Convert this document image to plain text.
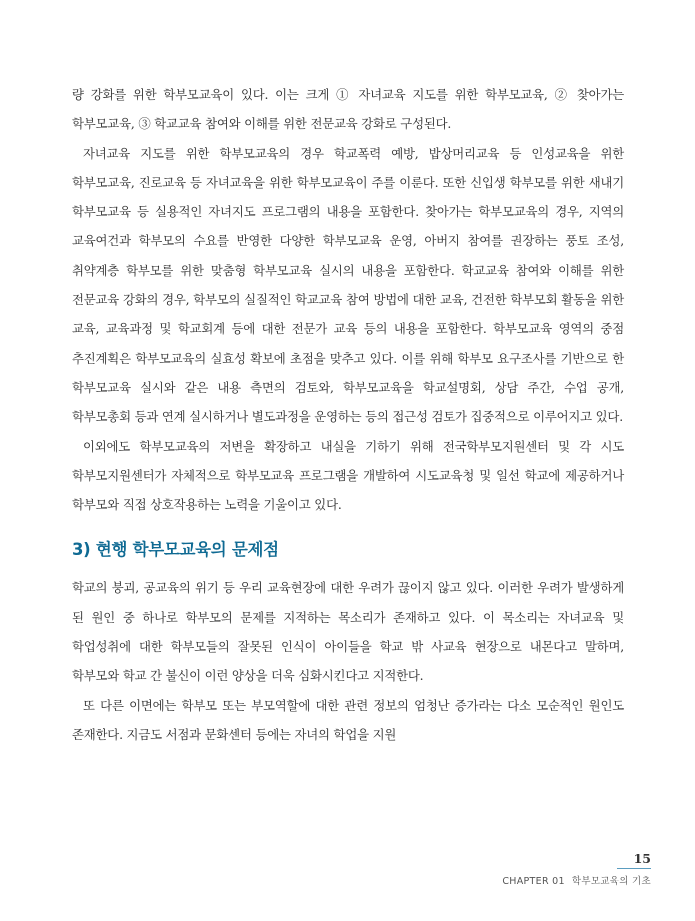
량 강화를 위한 학부모교육이 있다. 이는 크게 ① 자녀교육 지도를 위한 학부모교육, ② 찾아가는 학부모교육, ③ 학교교육 참여와 이해를 위한 전문교육 강화로 구성된다.

자녀교육 지도를 위한 학부모교육의 경우 학교폭력 예방, 밥상머리교육 등 인성교육을 위한 학부모교육, 진로교육 등 자녀교육을 위한 학부모교육이 주를 이룬다. 또한 신입생 학부모를 위한 새내기 학부모교육 등 실용적인 자녀지도 프로그램의 내용을 포함한다. 찾아가는 학부모교육의 경우, 지역의 교육여건과 학부모의 수요를 반영한 다양한 학부모교육 운영, 아버지 참여를 권장하는 풍토 조성, 취약계층 학부모를 위한 맞춤형 학부모교육 실시의 내용을 포함한다. 학교교육 참여와 이해를 위한 전문교육 강화의 경우, 학부모의 실질적인 학교교육 참여 방법에 대한 교육, 건전한 학부모회 활동을 위한 교육, 교육과정 및 학교회계 등에 대한 전문가 교육 등의 내용을 포함한다. 학부모교육 영역의 중점 추진계획은 학부모교육의 실효성 확보에 초점을 맞추고 있다. 이를 위해 학부모 요구조사를 기반으로 한 학부모교육 실시와 같은 내용 측면의 검토와, 학부모교육을 학교설명회, 상담 주간, 수업 공개, 학부모총회 등과 연계 실시하거나 별도과정을 운영하는 등의 접근성 검토가 집중적으로 이루어지고 있다.

이외에도 학부모교육의 저변을 확장하고 내실을 기하기 위해 전국학부모지원센터 및 각 시도 학부모지원센터가 자체적으로 학부모교육 프로그램을 개발하여 시도교육청 및 일선 학교에 제공하거나 학부모와 직접 상호작용하는 노력을 기울이고 있다.

3) 현행 학부모교육의 문제점

학교의 붕괴, 공교육의 위기 등 우리 교육현장에 대한 우려가 끊이지 않고 있다. 이러한 우려가 발생하게 된 원인 중 하나로 학부모의 문제를 지적하는 목소리가 존재하고 있다. 이 목소리는 자녀교육 및 학업성취에 대한 학부모들의 잘못된 인식이 아이들을 학교 밖 사교육 현장으로 내몬다고 말하며, 학부모와 학교 간 불신이 이런 양상을 더욱 심화시킨다고 지적한다.

또 다른 이면에는 학부모 또는 부모역할에 대한 관련 정보의 엄청난 증가라는 다소 모순적인 원인도 존재한다. 지금도 서점과 문화센터 등에는 자녀의 학업을 지원

15
CHAPTER 01 학부모교육의 기초
